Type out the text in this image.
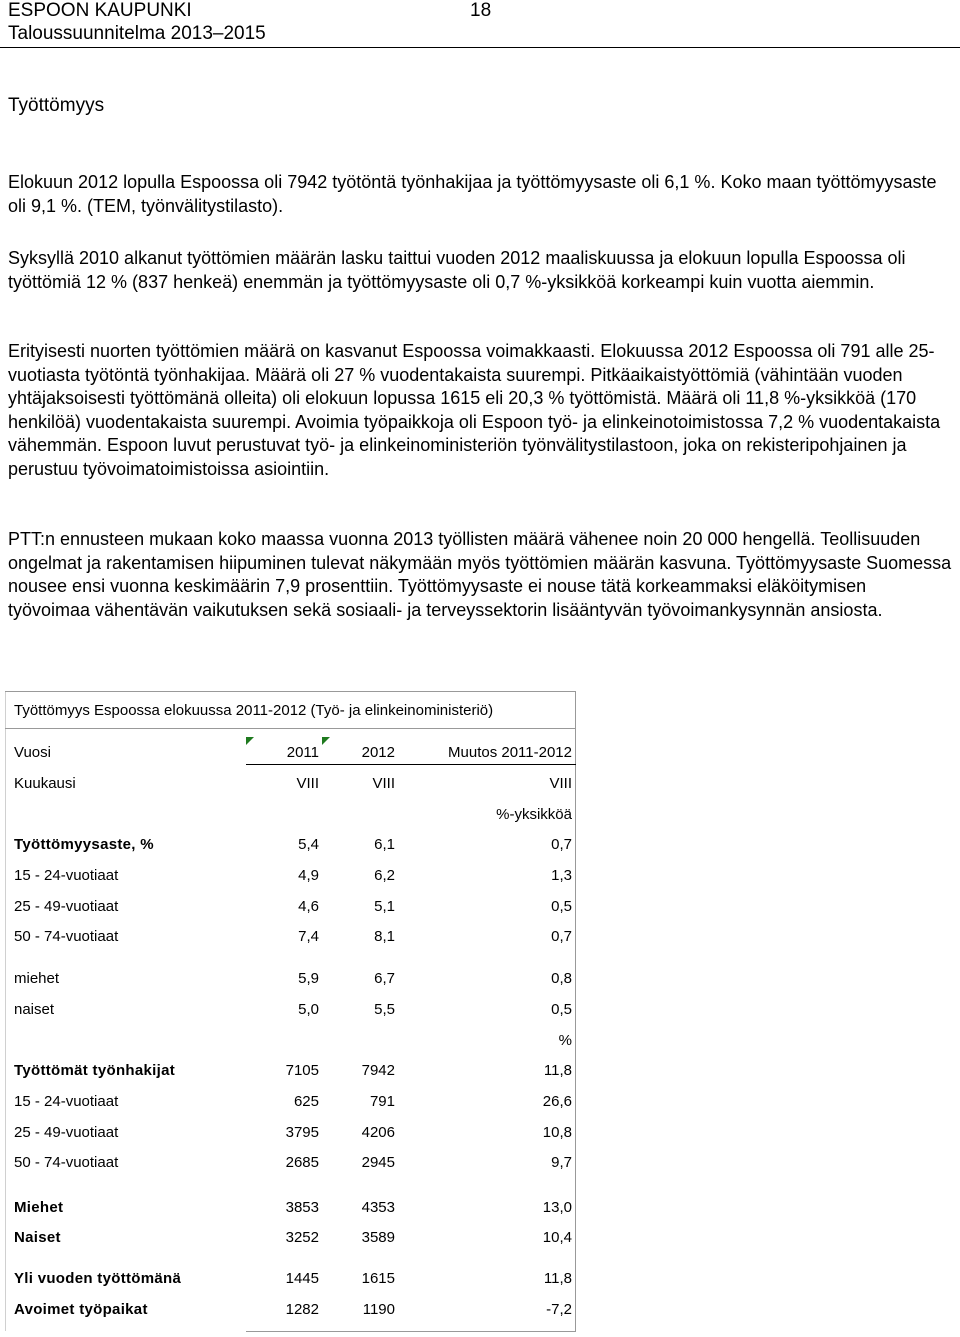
ESPOON KAUPUNKI	18
Taloussuunnitelma 2013–2015
Työttömyys

Elokuun 2012 lopulla Espoossa oli 7942 työtöntä työnhakijaa ja työttömyysaste oli 6,1 %. Koko maan työttömyysaste oli 9,1 %. (TEM, työnvälitystilasto).

Syksyllä 2010 alkanut työttömien määrän lasku taittui vuoden 2012 maaliskuussa ja elokuun lopulla Espoossa oli työttömiä 12 % (837 henkeä) enemmän ja työttömyysaste oli 0,7 %-yksikköä korkeampi kuin vuotta aiemmin.

Erityisesti nuorten työttömien määrä on kasvanut Espoossa voimakkaasti. Elokuussa 2012 Espoossa oli 791 alle 25-vuotiasta työtöntä työnhakijaa. Määrä oli 27 % vuodentakaista suurempi. Pitkäaikaistyöttömiä (vähintään vuoden yhtäjaksoisesti työttömänä olleita) oli elokuun lopussa 1615 eli 20,3 % työttömistä. Määrä oli 11,8 %-yksikköä (170 henkilöä) vuodentakaista suurempi. Avoimia työpaikkoja oli Espoon työ- ja elinkeinotoimistossa 7,2 % vuodentakaista vähemmän. Espoon luvut perustuvat työ- ja elinkeinoministeriön työnvälitystilastoon, joka on rekisteripohjainen ja perustuu työvoimatoimistoissa asiointiin.

PTT:n ennusteen mukaan koko maassa vuonna 2013 työllisten määrä vähenee noin 20 000 hengellä. Teollisuuden ongelmat ja rakentamisen hiipuminen tulevat näkymään myös työttömien määrän kasvuna. Työttömyysaste Suomessa nousee ensi vuonna keskimäärin 7,9 prosenttiin. Työttömyysaste ei nouse tätä korkeammaksi eläköitymisen työvoimaa vähentävän vaikutuksen sekä sosiaali- ja terveyssektorin lisääntyvän työvoimankysynnän ansiosta.

Työttömyys Espoossa elokuussa 2011-2012 (Työ- ja elinkeinoministeriö)
Vuosi	2011	2012	Muutos 2011-2012
Kuukausi	VIII	VIII	VIII
%-yksikköä
Työttömyysaste, %	5,4	6,1	0,7
15 - 24-vuotiaat	4,9	6,2	1,3
25 - 49-vuotiaat	4,6	5,1	0,5
50 - 74-vuotiaat	7,4	8,1	0,7
miehet	5,9	6,7	0,8
naiset	5,0	5,5	0,5
%
Työttömät työnhakijat	7105	7942	11,8
15 - 24-vuotiaat	625	791	26,6
25 - 49-vuotiaat	3795	4206	10,8
50 - 74-vuotiaat	2685	2945	9,7
Miehet	3853	4353	13,0
Naiset	3252	3589	10,4
Yli vuoden työttömänä	1445	1615	11,8
Avoimet työpaikat	1282	1190	-7,2
